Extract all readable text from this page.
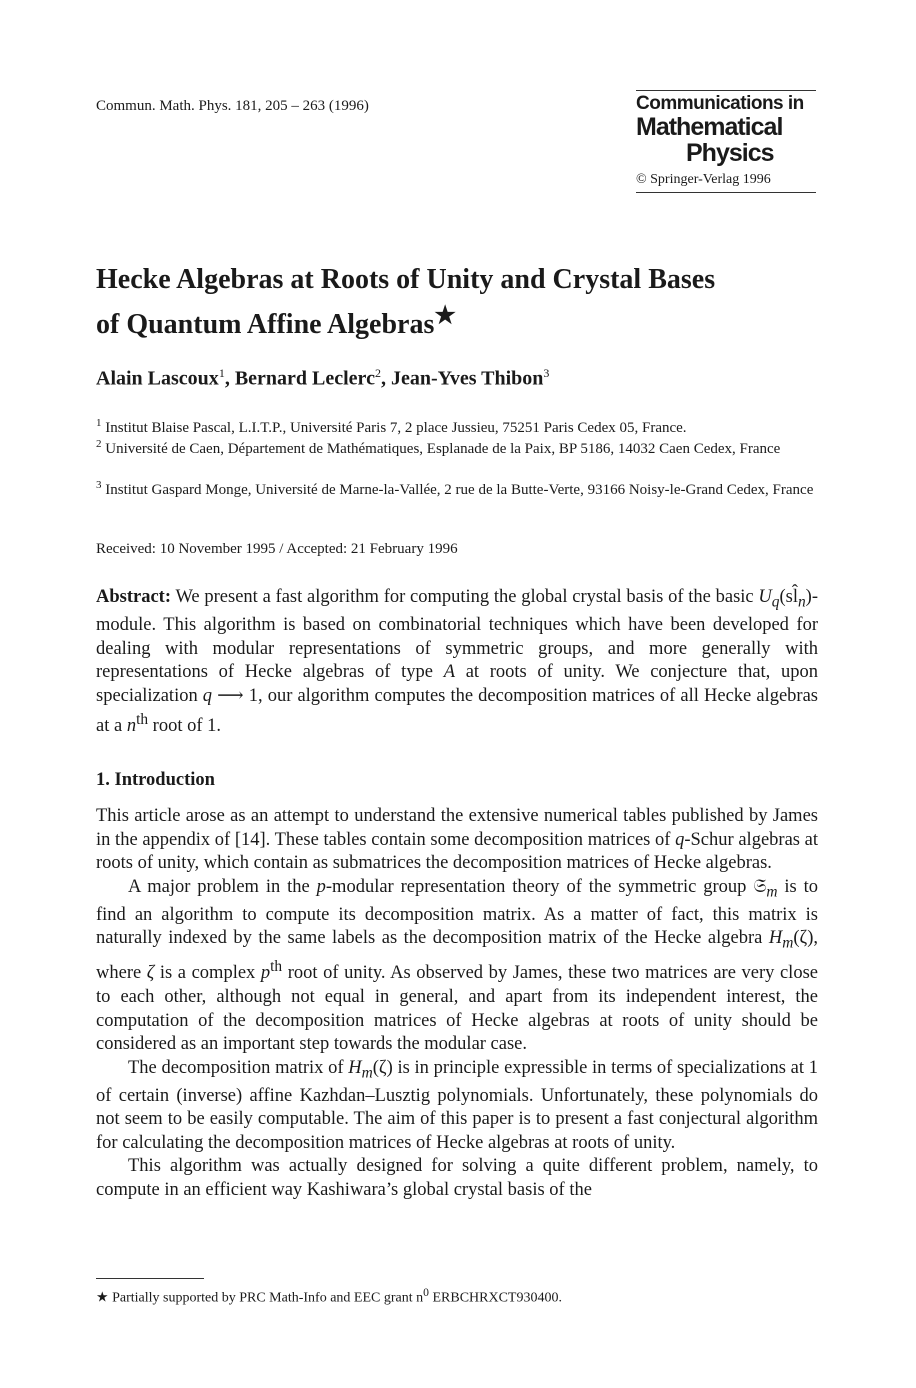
Commun. Math. Phys. 181, 205 – 263 (1996)	Communications in
Mathematical
Physics
© Springer-Verlag 1996
Hecke Algebras at Roots of Unity and Crystal Bases
of Quantum Affine Algebras★
Alain Lascoux$^1$, Bernard Leclerc$^2$, Jean-Yves Thibon$^3$
$^1$ Institut Blaise Pascal, L.I.T.P., Université Paris 7, 2 place Jussieu, 75251 Paris Cedex 05, France.
$^2$ Université de Caen, Département de Mathématiques, Esplanade de la Paix, BP 5186, 14032 Caen Cedex, France
$^3$ Institut Gaspard Monge, Université de Marne-la-Vallée, 2 rue de la Butte-Verte, 93166 Noisy-le-Grand Cedex, France
Received: 10 November 1995 / Accepted: 21 February 1996

Abstract: We present a fast algorithm for computing the global crystal basis of the basic $U_q(sl̂_n)$-module. This algorithm is based on combinatorial techniques which have been developed for dealing with modular representations of symmetric groups, and more generally with representations of Hecke algebras of type A at roots of unity. We conjecture that, upon specialization q ⟶ 1, our algorithm computes the decomposition matrices of all Hecke algebras at a $n^{th}$ root of 1.

1. Introduction

This article arose as an attempt to understand the extensive numerical tables published by James in the appendix of [14]. These tables contain some decomposition matrices of q-Schur algebras at roots of unity, which contain as submatrices the decomposition matrices of Hecke algebras.

A major problem in the p-modular representation theory of the symmetric group 𝔖$_m$ is to find an algorithm to compute its decomposition matrix. As a matter of fact, this matrix is naturally indexed by the same labels as the decomposition matrix of the Hecke algebra $H_m(\zeta)$, where ζ is a complex $p^{th}$ root of unity. As observed by James, these two matrices are very close to each other, although not equal in general, and apart from its independent interest, the computation of the decomposition matrices of Hecke algebras at roots of unity should be considered as an important step towards the modular case.

The decomposition matrix of $H_m(\zeta)$ is in principle expressible in terms of specializations at 1 of certain (inverse) affine Kazhdan–Lusztig polynomials. Unfortunately, these polynomials do not seem to be easily computable. The aim of this paper is to present a fast conjectural algorithm for calculating the decomposition matrices of Hecke algebras at roots of unity.

This algorithm was actually designed for solving a quite different problem, namely, to compute in an efficient way Kashiwara’s global crystal basis of the

★ Partially supported by PRC Math-Info and EEC grant $n^0$ ERBCHRXCT930400.
